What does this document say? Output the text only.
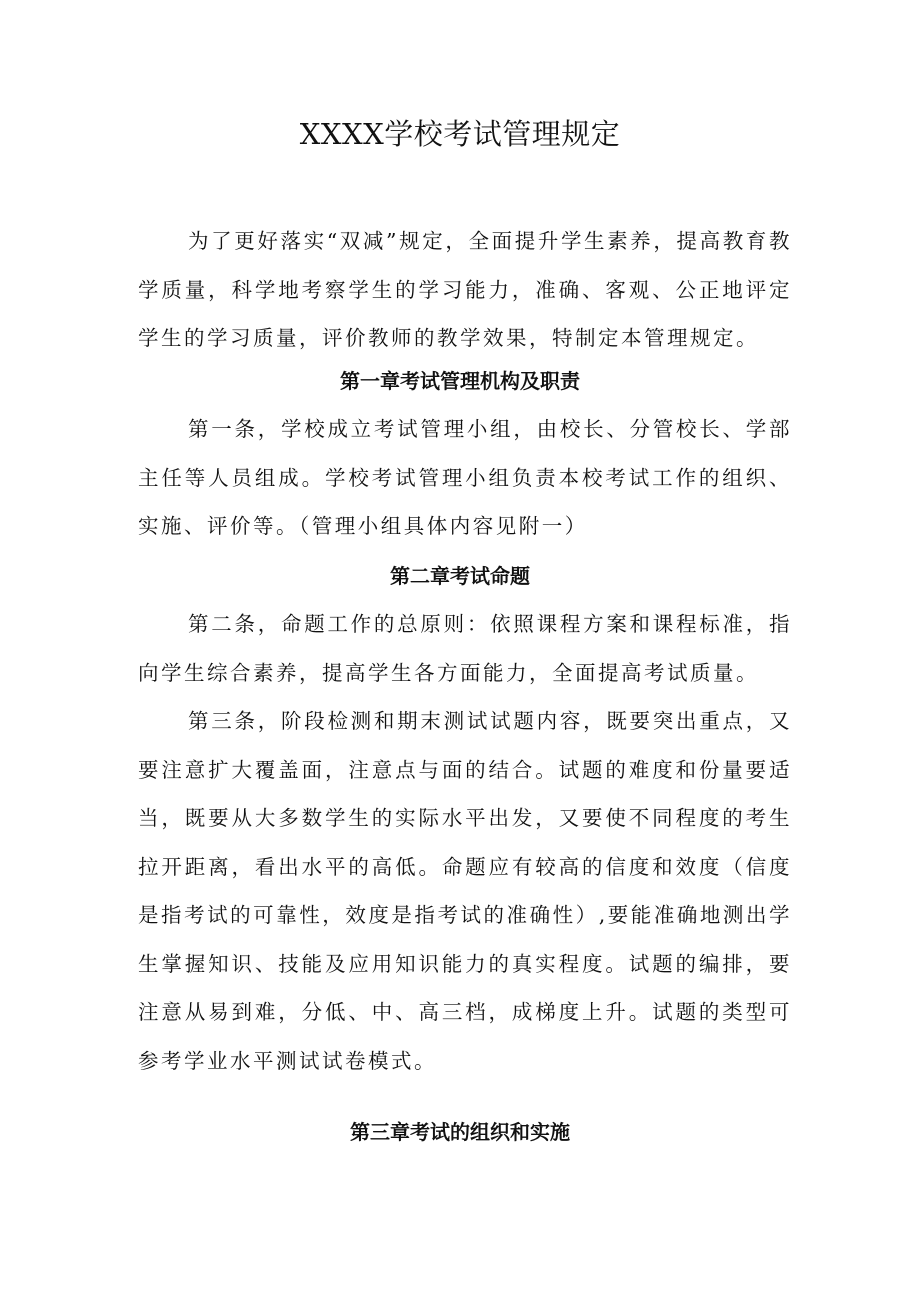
XXXX学校考试管理规定

为了更好落实“双减”规定，全面提升学生素养，提高教育教学质量，科学地考察学生的学习能力，准确、客观、公正地评定学生的学习质量，评价教师的教学效果，特制定本管理规定。

第一章考试管理机构及职责

第一条，学校成立考试管理小组，由校长、分管校长、学部主任等人员组成。学校考试管理小组负责本校考试工作的组织、实施、评价等。（管理小组具体内容见附一）

第二章考试命题

第二条，命题工作的总原则：依照课程方案和课程标准，指向学生综合素养，提高学生各方面能力，全面提高考试质量。

第三条，阶段检测和期末测试试题内容，既要突出重点，又要注意扩大覆盖面，注意点与面的结合。试题的难度和份量要适当，既要从大多数学生的实际水平出发，又要使不同程度的考生拉开距离，看出水平的高低。命题应有较高的信度和效度（信度是指考试的可靠性，效度是指考试的准确性）,要能准确地测出学生掌握知识、技能及应用知识能力的真实程度。试题的编排，要注意从易到难，分低、中、高三档，成梯度上升。试题的类型可参考学业水平测试试卷模式。

第三章考试的组织和实施
